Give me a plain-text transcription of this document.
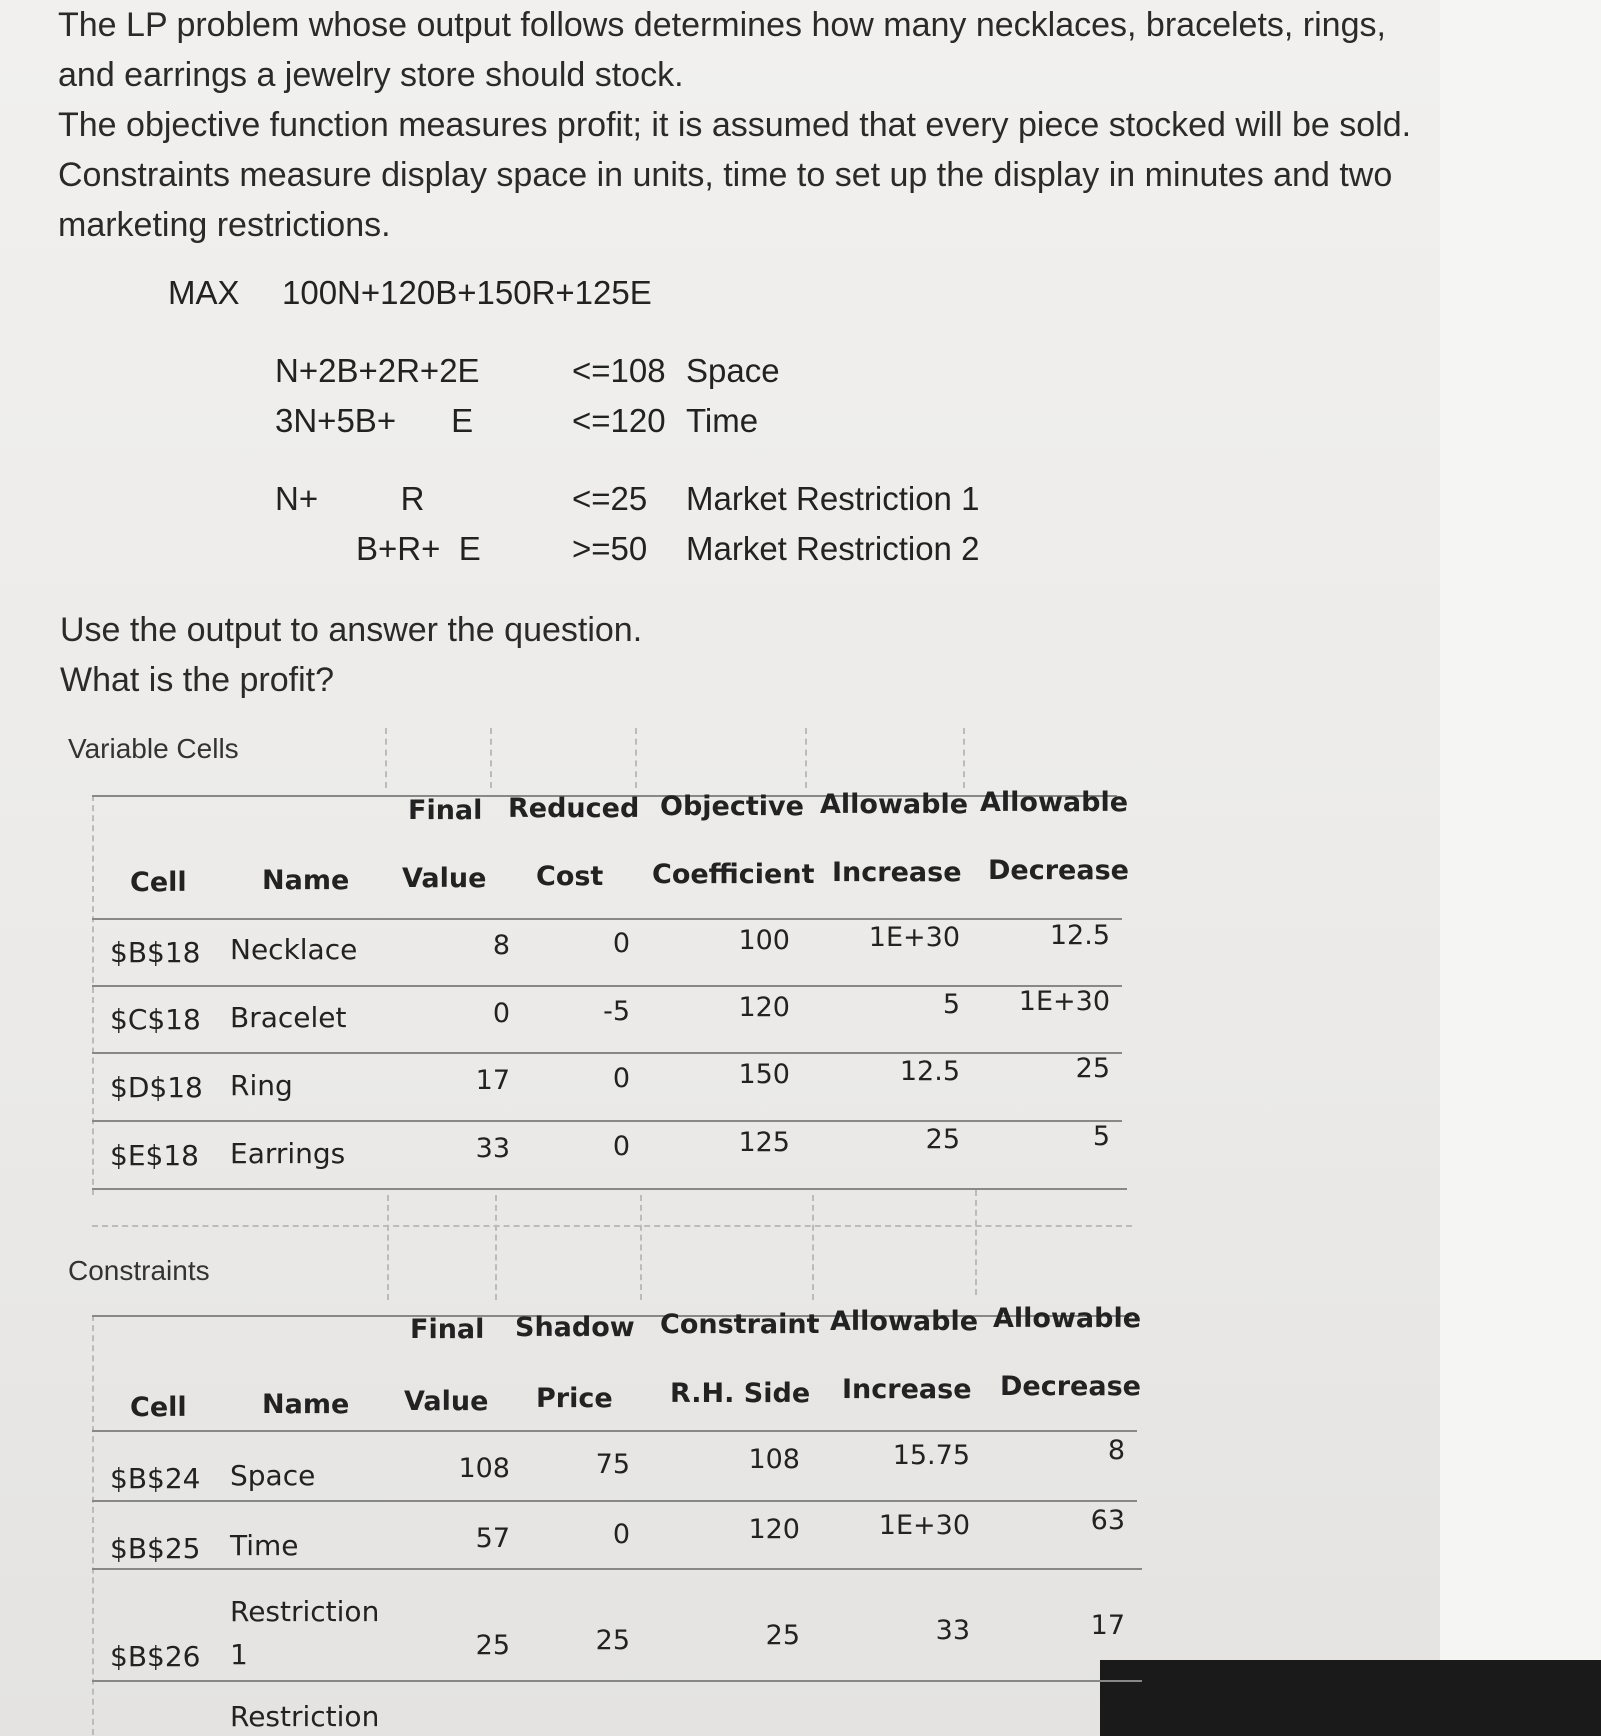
The LP problem whose output follows determines how many necklaces, bracelets, rings, and earrings a jewelry store should stock.

The objective function measures profit; it is assumed that every piece stocked will be sold. Constraints measure display space in units, time to set up the display in minutes and two marketing restrictions.

MAX 100N+120B+150R+125E
N+2B+2R+2E	<=108 Space
3N+5B+      E	<=120 Time
N+         R	<=25 Market Restriction 1
B+R+  E	>=50 Market Restriction 2

Use the output to answer the question.

What is the profit?

Variable Cells
Final Reduced Objective Allowable Allowable
Cell	Name Value Cost Coefficient Increase Decrease
$B$18 Necklace	8	0	100	1E+30	12.5
$C$18 Bracelet	0	-5	120	5	1E+30
$D$18 Ring	17	0	150	12.5	25
$E$18 Earrings	33	0	125	25	5
Constraints
Final Shadow Constraint Allowable Allowable
Cell	Name Value Price R.H. Side Increase Decrease
$B$24 Space	108	75	108	15.75	8
$B$25 Time	57	0	120	1E+30	63
Restriction
$B$26 1	25	25	25	33	17
Restriction
